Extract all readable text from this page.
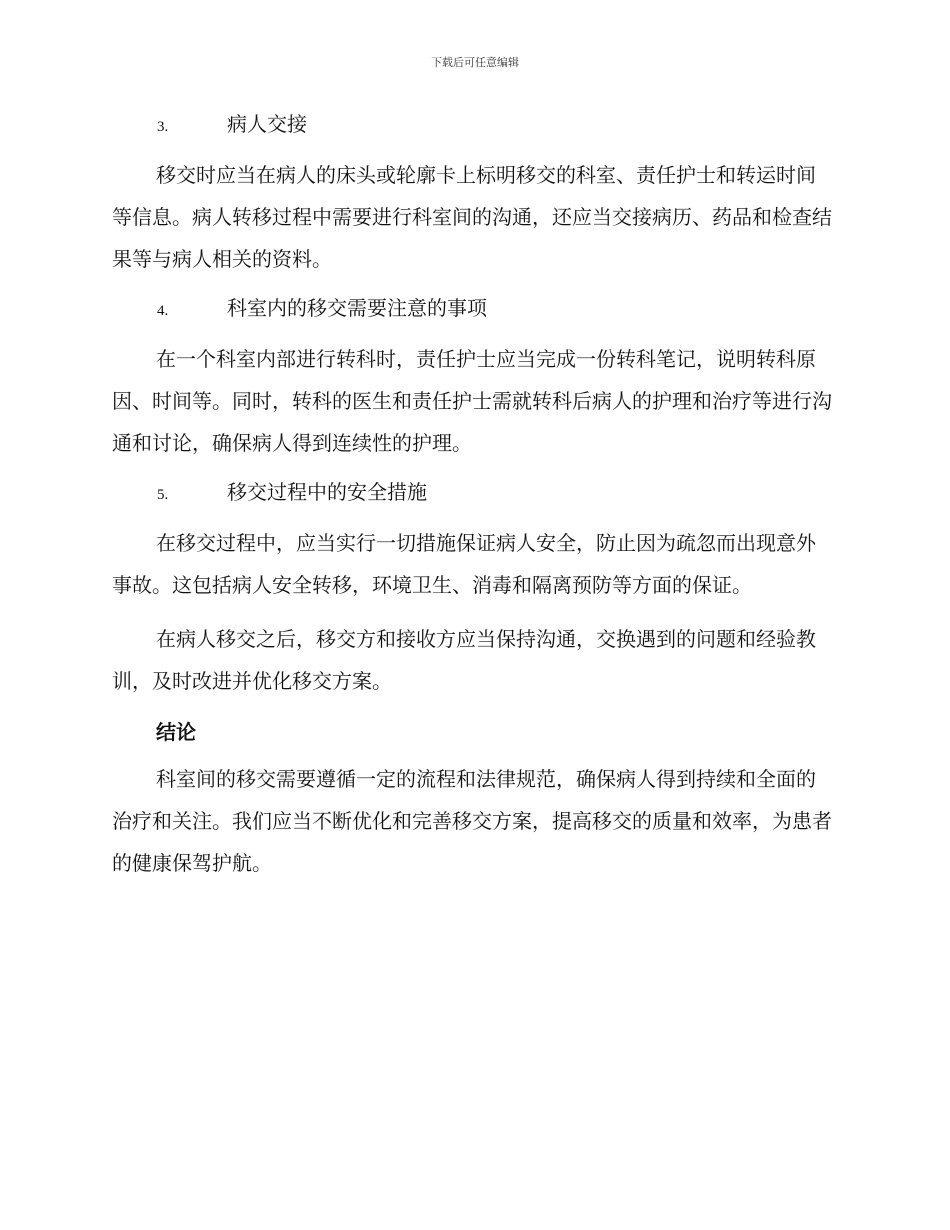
下载后可任意编辑
3.	病人交接

移交时应当在病人的床头或轮廓卡上标明移交的科室、责任护士和转运时间等信息。病人转移过程中需要进行科室间的沟通，还应当交接病历、药品和检查结果等与病人相关的资料。

4.	科室内的移交需要注意的事项

在一个科室内部进行转科时，责任护士应当完成一份转科笔记，说明转科原因、时间等。同时，转科的医生和责任护士需就转科后病人的护理和治疗等进行沟通和讨论，确保病人得到连续性的护理。

5.	移交过程中的安全措施

在移交过程中，应当实行一切措施保证病人安全，防止因为疏忽而出现意外事故。这包括病人安全转移，环境卫生、消毒和隔离预防等方面的保证。

在病人移交之后，移交方和接收方应当保持沟通，交换遇到的问题和经验教训，及时改进并优化移交方案。

结论

科室间的移交需要遵循一定的流程和法律规范，确保病人得到持续和全面的治疗和关注。我们应当不断优化和完善移交方案，提高移交的质量和效率，为患者的健康保驾护航。
